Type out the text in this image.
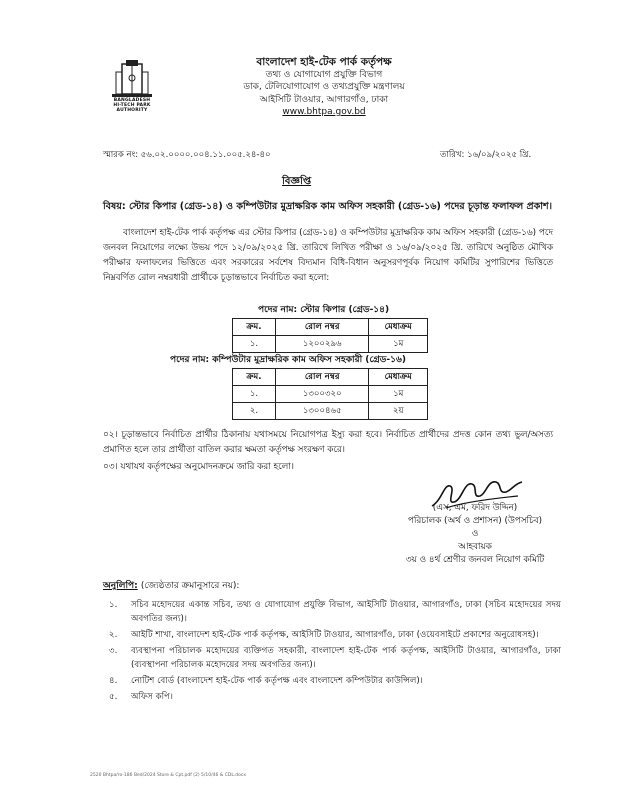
BANGLADESH
HI-TECH PARK
AUTHORITY
বাংলাদেশ হাই-টেক পার্ক কর্তৃপক্ষ
তথ্য ও যোগাযোগ প্রযুক্তি বিভাগ
ডাক, টেলিযোগাযোগ ও তথ্যপ্রযুক্তি মন্ত্রণালয়
আইসিটি টাওয়ার, আগারগাঁও, ঢাকা
www.bhtpa.gov.bd
স্মারক নং: ৫৬.০২.০০০০.০০৪.১১.০০৫.২৪-৪০	তারিখ: ১৬/০৯/২০২৫ খ্রি.
বিজ্ঞপ্তি
বিষয়: স্টোর কিপার (গ্রেড-১৪) ও কম্পিউটার মুদ্রাক্ষরিক কাম অফিস সহকারী (গ্রেড-১৬) পদের চূড়ান্ত ফলাফল প্রকাশ।
বাংলাদেশ হাই-টেক পার্ক কর্তৃপক্ষ এর স্টোর কিপার (গ্রেড-১৪) ও কম্পিউটার মুদ্রাক্ষরিক কাম অফিস সহকারী (গ্রেড-১৬) পদে জনবল নিয়োগের লক্ষ্যে উভয় পদে ১২/০৯/২০২৫ খ্রি. তারিখে লিখিত পরীক্ষা ও ১৬/০৯/২০২৫ খ্রি. তারিখে অনুষ্ঠিত মৌখিক পরীক্ষার ফলাফলের ভিত্তিতে এবং সরকারের সর্বশেষ বিদ্যমান বিধি-বিধান অনুসরণপূর্বক নিয়োগ কমিটির সুপারিশের ভিত্তিতে নিম্নবর্ণিত রোল নম্বরধারী প্রার্থীকে চূড়ান্তভাবে নির্বাচিত করা হলো:
পদের নাম: স্টোর কিপার (গ্রেড-১৪)
ক্রম.	রোল নম্বর	মেধাক্রম
১.	১২০০২৯৬	১ম
পদের নাম: কম্পিউটার মুদ্রাক্ষরিক কাম অফিস সহকারী (গ্রেড-১৬)
ক্রম.	রোল নম্বর	মেধাক্রম
১.	১৩০০৩২০	১ম
২.	১৩০০৪৬৫	২য়
০২। চূড়ান্তভাবে নির্বাচিত প্রার্থীর ঠিকানায় যথাসময়ে নিয়োগপত্র ইস্যু করা হবে। নির্বাচিত প্রার্থীদের প্রদত্ত কোন তথ্য ভুল/অসত্য প্রমাণিত হলে তার প্রার্থীতা বাতিল করার ক্ষমতা কর্তৃপক্ষ সংরক্ষণ করে।
০৩। যথাযথ কর্তৃপক্ষের অনুমোদনক্রমে জারি করা হলো।
(এস, এম, ফরিদ উদ্দিন)
পরিচালক (অর্থ ও প্রশাসন) (উপসচিব)
ও
আহবায়ক
৩য় ও ৪র্থ শ্রেণীর জনবল নিয়োগ কমিটি
অনুলিপি: (জ্যেষ্ঠতার ক্রমানুসারে নয়):
১. সচিব মহোদয়ের একান্ত সচিব, তথ্য ও যোগাযোগ প্রযুক্তি বিভাগ, আইসিটি টাওয়ার, আগারগাঁও, ঢাকা (সচিব মহোদয়ের সদয় অবগতির জন্য)।
২. আইটি শাখা, বাংলাদেশ হাই-টেক পার্ক কর্তৃপক্ষ, আইসিটি টাওয়ার, আগারগাঁও, ঢাকা (ওয়েবসাইটে প্রকাশের অনুরোধসহ)।
৩. ব্যবস্থাপনা পরিচালক মহোদয়ের ব্যক্তিগত সহকারী, বাংলাদেশ হাই-টেক পার্ক কর্তৃপক্ষ, আইসিটি টাওয়ার, আগারগাঁও, ঢাকা (ব্যবস্থাপনা পরিচালক মহোদয়ের সদয় অবগতির জন্য)।
৪. নোটিশ বোর্ড (বাংলাদেশ হাই-টেক পার্ক কর্তৃপক্ষ এবং বাংলাদেশ কম্পিউটার কাউন্সিল)।
৫. অফিস কপি।
2520 Bhtpa/ro-186 Bed/2024 Store & Cpt.pdf (2) 5/10/46 & CDL.docx
